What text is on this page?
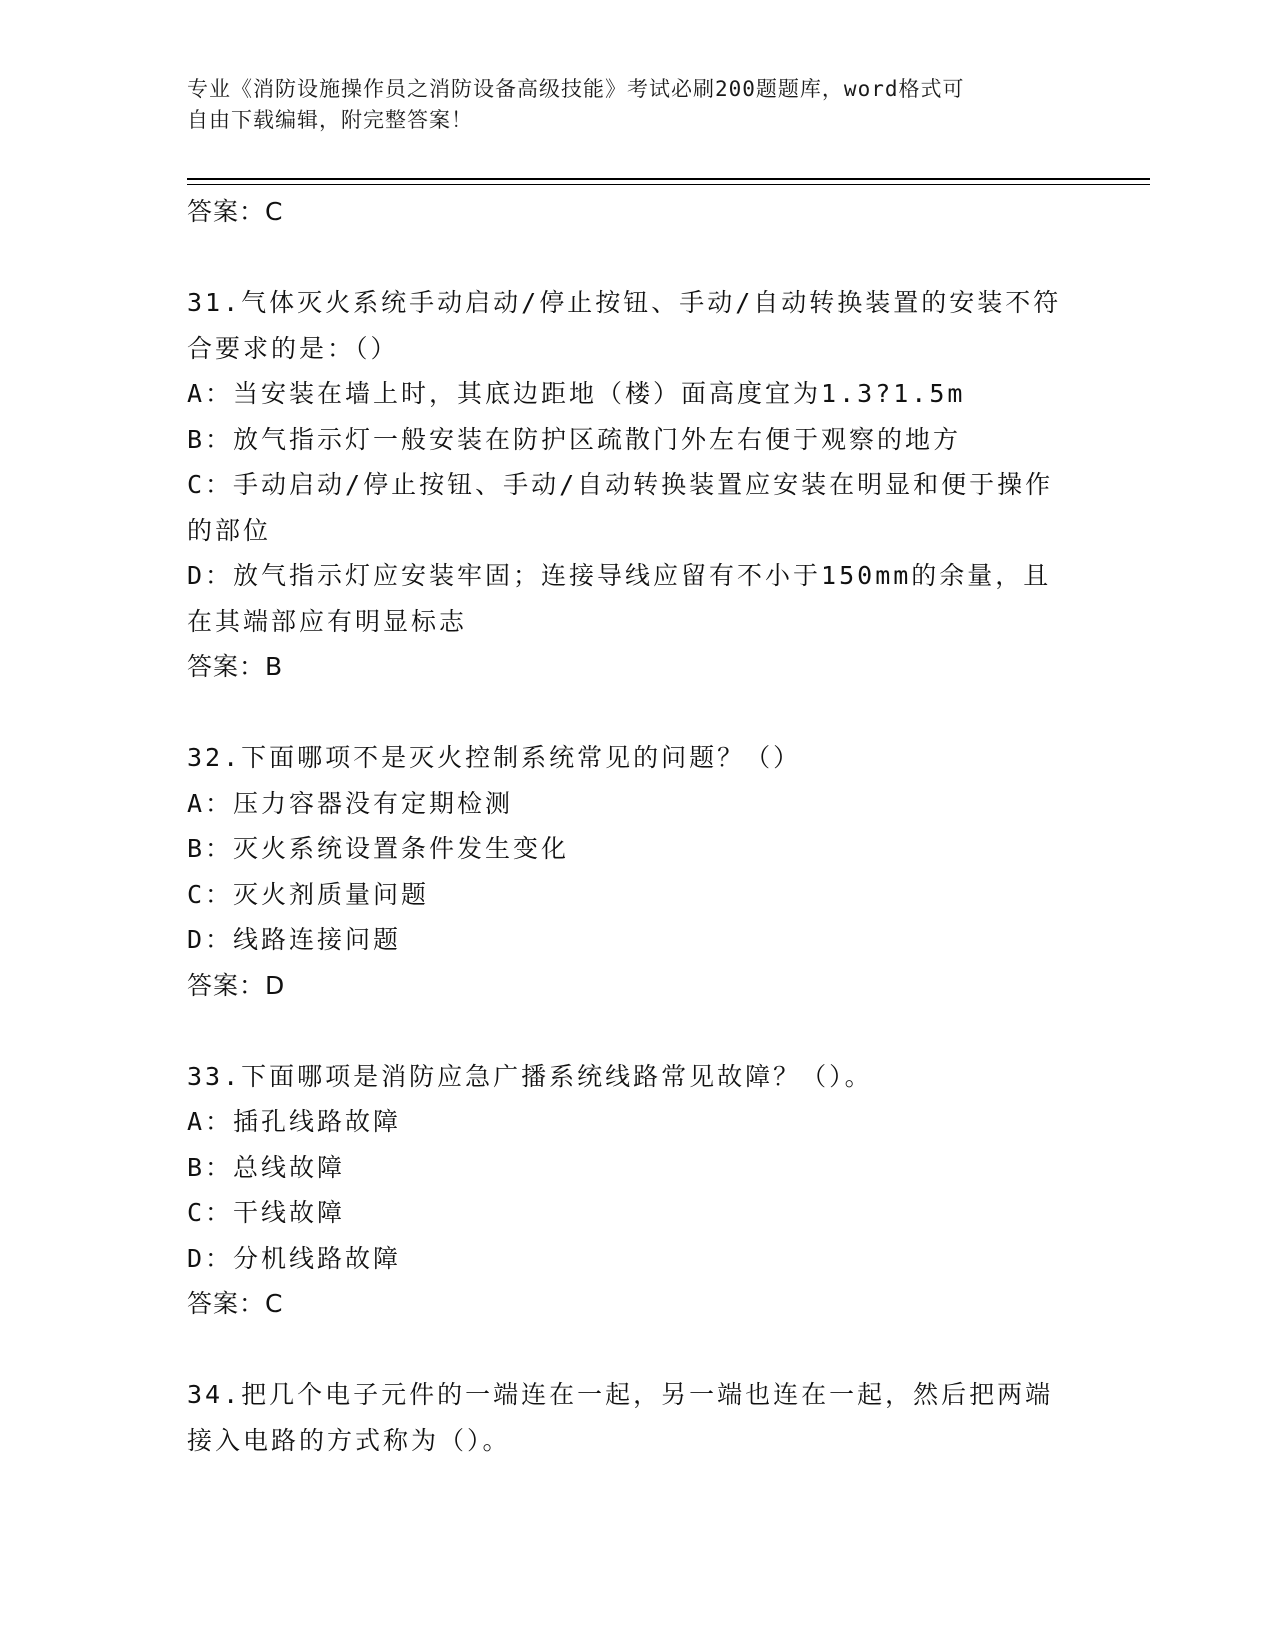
专业《消防设施操作员之消防设备高级技能》考试必刷200题题库，word格式可
自由下载编辑，附完整答案！
答案：C
31.气体灭火系统手动启动/停止按钮、手动/自动转换装置的安装不符
合要求的是：（）
A：当安装在墙上时，其底边距地（楼）面高度宜为1.3?1.5m
B：放气指示灯一般安装在防护区疏散门外左右便于观察的地方
C：手动启动/停止按钮、手动/自动转换装置应安装在明显和便于操作
的部位
D：放气指示灯应安装牢固；连接导线应留有不小于150mm的余量，且
在其端部应有明显标志
答案：B
32.下面哪项不是灭火控制系统常见的问题？（）
A：压力容器没有定期检测
B：灭火系统设置条件发生变化
C：灭火剂质量问题
D：线路连接问题
答案：D
33.下面哪项是消防应急广播系统线路常见故障？（）。
A：插孔线路故障
B：总线故障
C：干线故障
D：分机线路故障
答案：C
34.把几个电子元件的一端连在一起，另一端也连在一起，然后把两端
接入电路的方式称为（）。
